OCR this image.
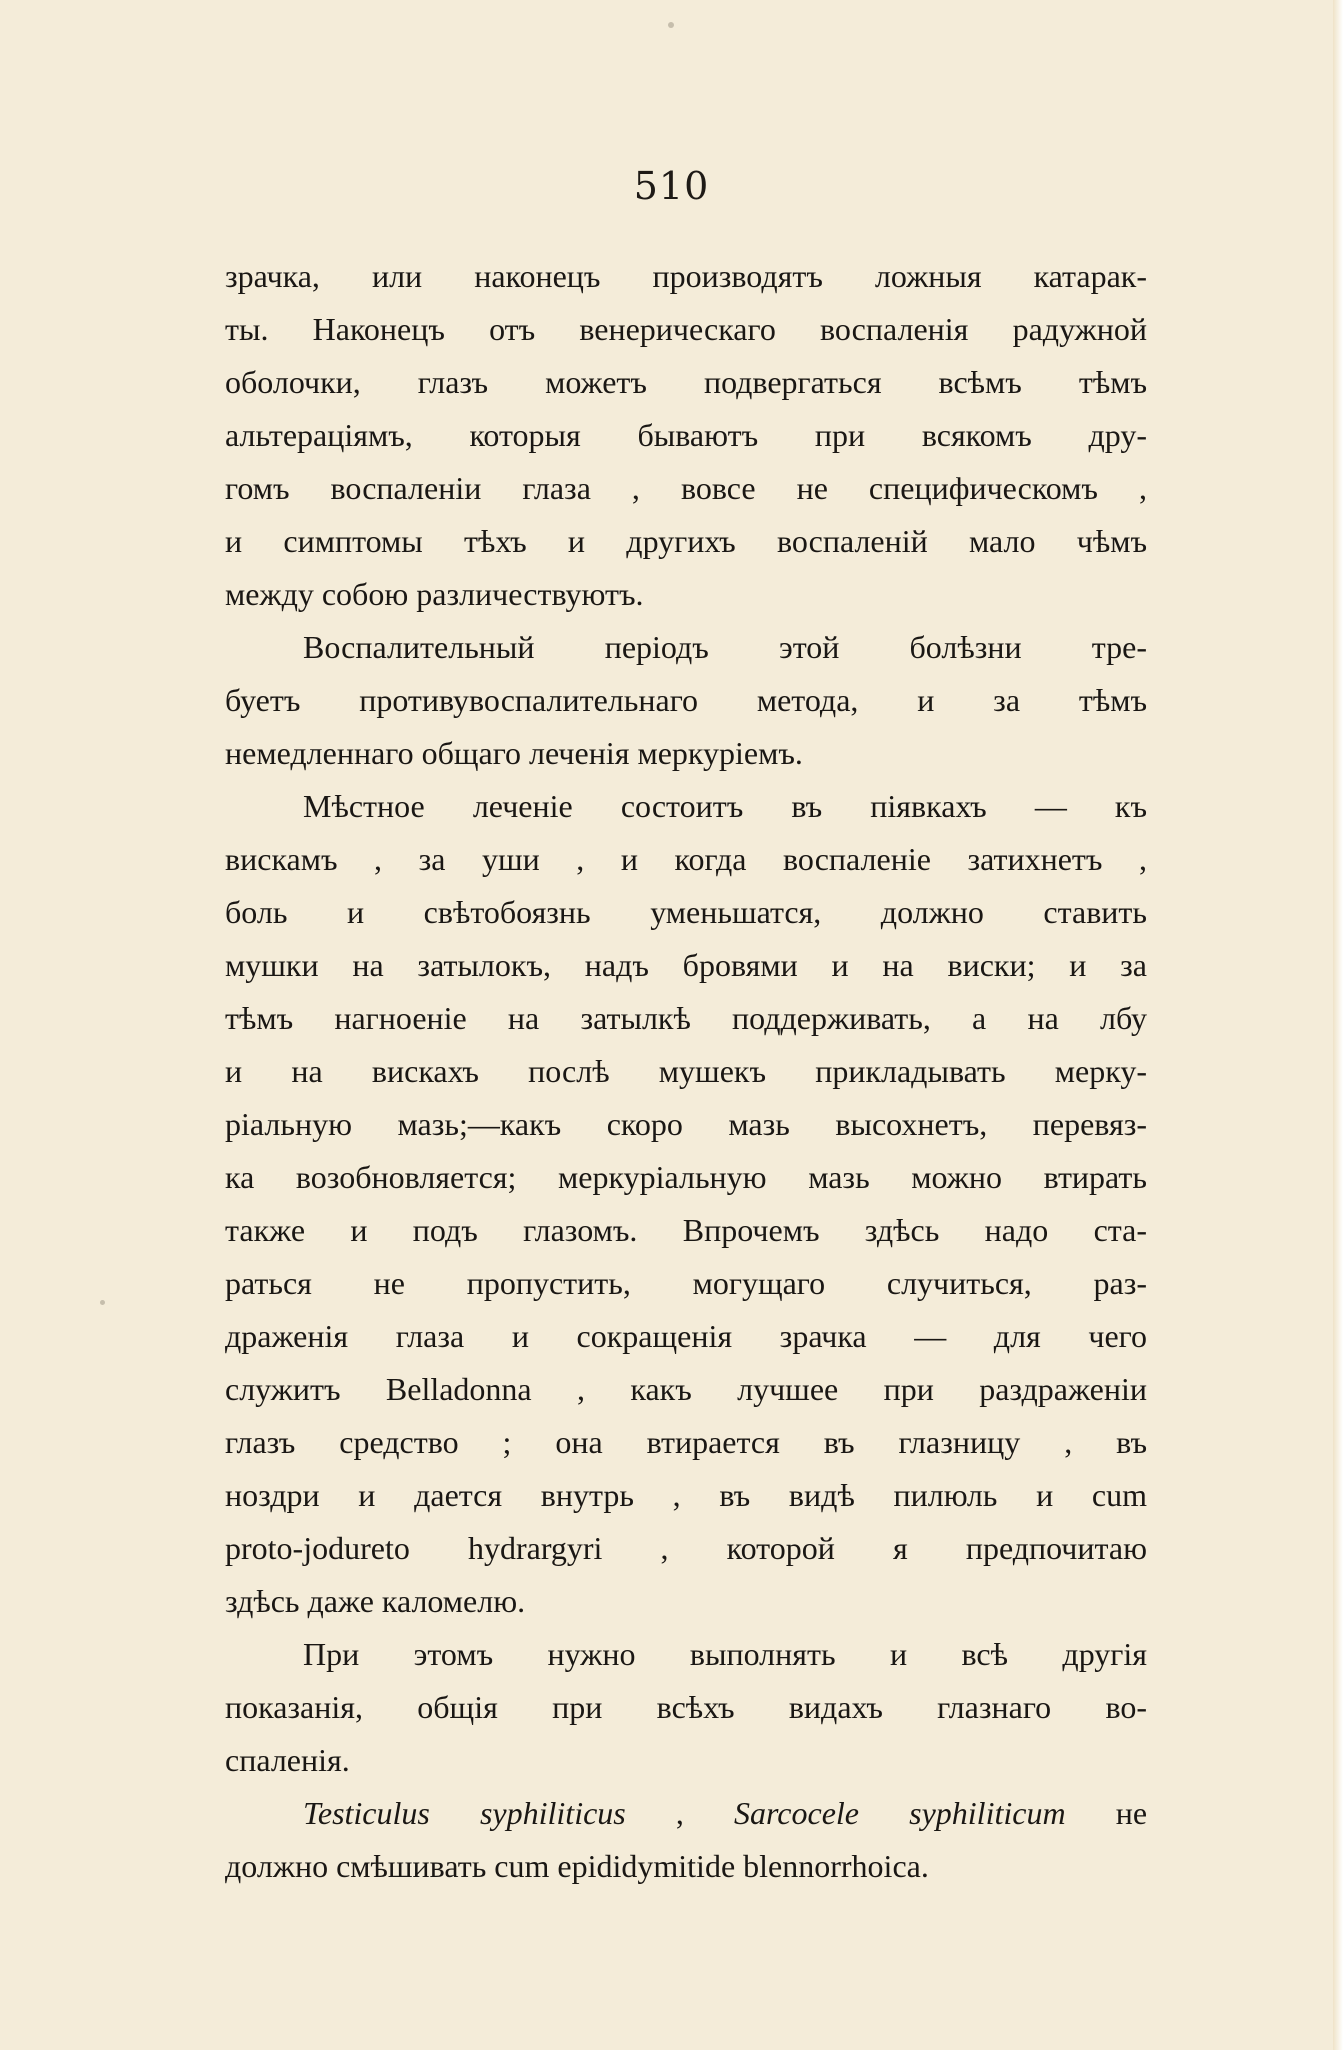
510
зрачка, или наконецъ производятъ ложныя катарак-
ты. Наконецъ отъ венерическаго воспаленія радужной
оболочки, глазъ можетъ подвергаться всѣмъ тѣмъ
альтераціямъ, которыя бываютъ при всякомъ дру-
гомъ воспаленіи глаза , вовсе не специфическомъ ,
и симптомы тѣхъ и другихъ воспаленій мало чѣмъ
между собою различествуютъ.
Воспалительный періодъ этой болѣзни тре-
буетъ противувоспалительнаго метода, и за тѣмъ
немедленнаго общаго леченія меркуріемъ.
Мѣстное леченіе состоитъ въ піявкахъ — къ
вискамъ , за уши , и когда воспаленіе затихнетъ ,
боль и свѣтобоязнь уменьшатся, должно ставить
мушки на затылокъ, надъ бровями и на виски; и за
тѣмъ нагноеніе на затылкѣ поддерживать, а на лбу
и на вискахъ послѣ мушекъ прикладывать мерку-
ріальную мазь;—какъ скоро мазь высохнетъ, перевяз-
ка возобновляется; меркуріальную мазь можно втирать
также и подъ глазомъ. Впрочемъ здѣсь надо ста-
раться не пропустить, могущаго случиться, раз-
драженія глаза и сокращенія зрачка — для чего
служитъ Belladonna , какъ лучшее при раздраженіи
глазъ средство ; она втирается въ глазницу , въ
ноздри и дается внутрь , въ видѣ пилюль и cum
proto-jodureto hydrargyri , которой я предпочитаю
здѣсь даже каломелю.
При этомъ нужно выполнять и всѣ другія
показанія, общія при всѣхъ видахъ глазнаго во-
спаленія.
Testiculus syphiliticus , Sarcocele syphiliticum не
должно смѣшивать cum epididymitide blennorrhoica.
